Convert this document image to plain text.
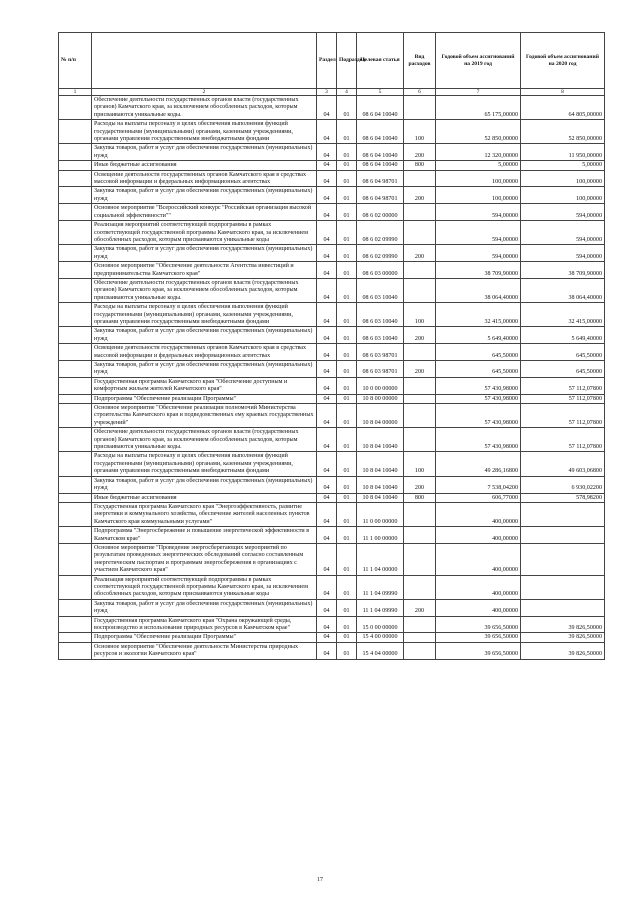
№ п/п		Раздел	Подраздел	Целевая статья	Вид расходов	Годовой объем ассигнований на 2019 год	Годовой объем ассигнований на 2020 год
1	2	3	4	5	6	7	8
	Обеспечение деятельности государственных органов власти (государственных органов) Камчатского края, за исключением обособленных расходов, которым присваиваются уникальные коды.	04	01	08 6 04 10040		65 175,00000	64 805,00000
	Расходы на выплаты персоналу в целях обеспечения выполнения функций государственными (муниципальными) органами, казенными учреждениями, органами управления государственными внебюджетными фондами	04	01	08 6 04 10040	100	52 850,00000	52 850,00000
	Закупка товаров, работ и услуг для обеспечения государственных (муниципальных) нужд	04	01	08 6 04 10040	200	12 320,00000	11 950,00000
	Иные бюджетные ассигнования	04	01	08 6 04 10040	800	5,00000	5,00000
	Освещение деятельности государственных органов Камчатского края в средствах массовой информации и федеральных информационных агентствах	04	01	08 6 04 98701		100,00000	100,00000
	Закупка товаров, работ и услуг для обеспечения государственных (муниципальных) нужд	04	01	08 6 04 98701	200	100,00000	100,00000
	Основное мероприятие "Всероссийский конкурс "Российская организация высокой социальной эффективности""	04	01	08 6 02 00000		594,00000	594,00000
	Реализация мероприятий соответствующей подпрограммы в рамках соответствующей государственной программы Камчатского края, за исключением обособленных расходов, которым присваиваются уникальные коды	04	01	08 6 02 09990		594,00000	594,00000
	Закупка товаров, работ и услуг для обеспечения государственных (муниципальных) нужд	04	01	08 6 02 09990	200	594,00000	594,00000
	Основное мероприятие "Обеспечение деятельности Агентства инвестиций и предпринимательства Камчатского края"	04	01	08 6 03 00000		38 709,90000	38 709,90000
	Обеспечение деятельности государственных органов власти (государственных органов) Камчатского края, за исключением обособленных расходов, которым присваиваются уникальные коды.	04	01	08 6 03 10040		38 064,40000	38 064,40000
	Расходы на выплаты персоналу в целях обеспечения выполнения функций государственными (муниципальными) органами, казенными учреждениями, органами управления государственными внебюджетными фондами	04	01	08 6 03 10040	100	32 415,00000	32 415,00000
	Закупка товаров, работ и услуг для обеспечения государственных (муниципальных) нужд	04	01	08 6 03 10040	200	5 649,40000	5 649,40000
	Освещение деятельности государственных органов Камчатского края в средствах массовой информации и федеральных информационных агентствах	04	01	08 6 03 98701		645,50000	645,50000
	Закупка товаров, работ и услуг для обеспечения государственных (муниципальных) нужд	04	01	08 6 03 98701	200	645,50000	645,50000
	Государственная программа Камчатского края "Обеспечение доступным и комфортным жильем жителей Камчатского края"	04	01	10 0 00 00000		57 430,98000	57 112,07800
	Подпрограмма "Обеспечение реализации Программы"	04	01	10 8 00 00000		57 430,98000	57 112,07800
	Основное мероприятие "Обеспечение реализации полномочий Министерства строительства Камчатского края и подведомственных ему краевых государственных учреждений"	04	01	10 8 04 00000		57 430,98000	57 112,07800
	Обеспечение деятельности государственных органов власти (государственных органов) Камчатского края, за исключением обособленных расходов, которым присваиваются уникальные коды.	04	01	10 8 04 10040		57 430,98000	57 112,07800
	Расходы на выплаты персоналу в целях обеспечения выполнения функций государственными (муниципальными) органами, казенными учреждениями, органами управления государственными внебюджетными фондами	04	01	10 8 04 10040	100	49 286,16800	49 603,06800
	Закупка товаров, работ и услуг для обеспечения государственных (муниципальных) нужд	04	01	10 8 04 10040	200	7 538,04200	6 930,02200
	Иные бюджетные ассигнования	04	01	10 8 04 10040	800	606,77000	578,98200
	Государственная программа Камчатского края "Энергоэффективность, развитие энергетики и коммунального хозяйства, обеспечение жителей населенных пунктов Камчатского края коммунальными услугами"	04	01	11 0 00 00000		400,00000	
	Подпрограмма "Энергосбережение и повышение энергетической эффективности в Камчатском крае"	04	01	11 1 00 00000		400,00000	
	Основное мероприятие "Проведение энергосберегающих мероприятий по результатам проведенных энергетических обследований согласно составленным энергетическим паспортам и программам энергосбережения в организациях с участием Камчатского края"	04	01	11 1 04 00000		400,00000	
	Реализация мероприятий соответствующей подпрограммы в рамках соответствующей государственной программы Камчатского края, за исключением обособленных расходов, которым присваиваются уникальные коды	04	01	11 1 04 09990		400,00000	
	Закупка товаров, работ и услуг для обеспечения государственных (муниципальных) нужд	04	01	11 1 04 09990	200	400,00000	
	Государственная программа Камчатского края "Охрана окружающей среды, воспроизводство и использование природных ресурсов в Камчатском крае"	04	01	15 0 00 00000		39 656,50000	39 826,50000
	Подпрограмма "Обеспечение реализации Программы"	04	01	15 4 00 00000		39 656,50000	39 826,50000
	Основное мероприятие "Обеспечение деятельности Министерства природных ресурсов и экологии Камчатского края"	04	01	15 4 04 00000		39 656,50000	39 826,50000
17
